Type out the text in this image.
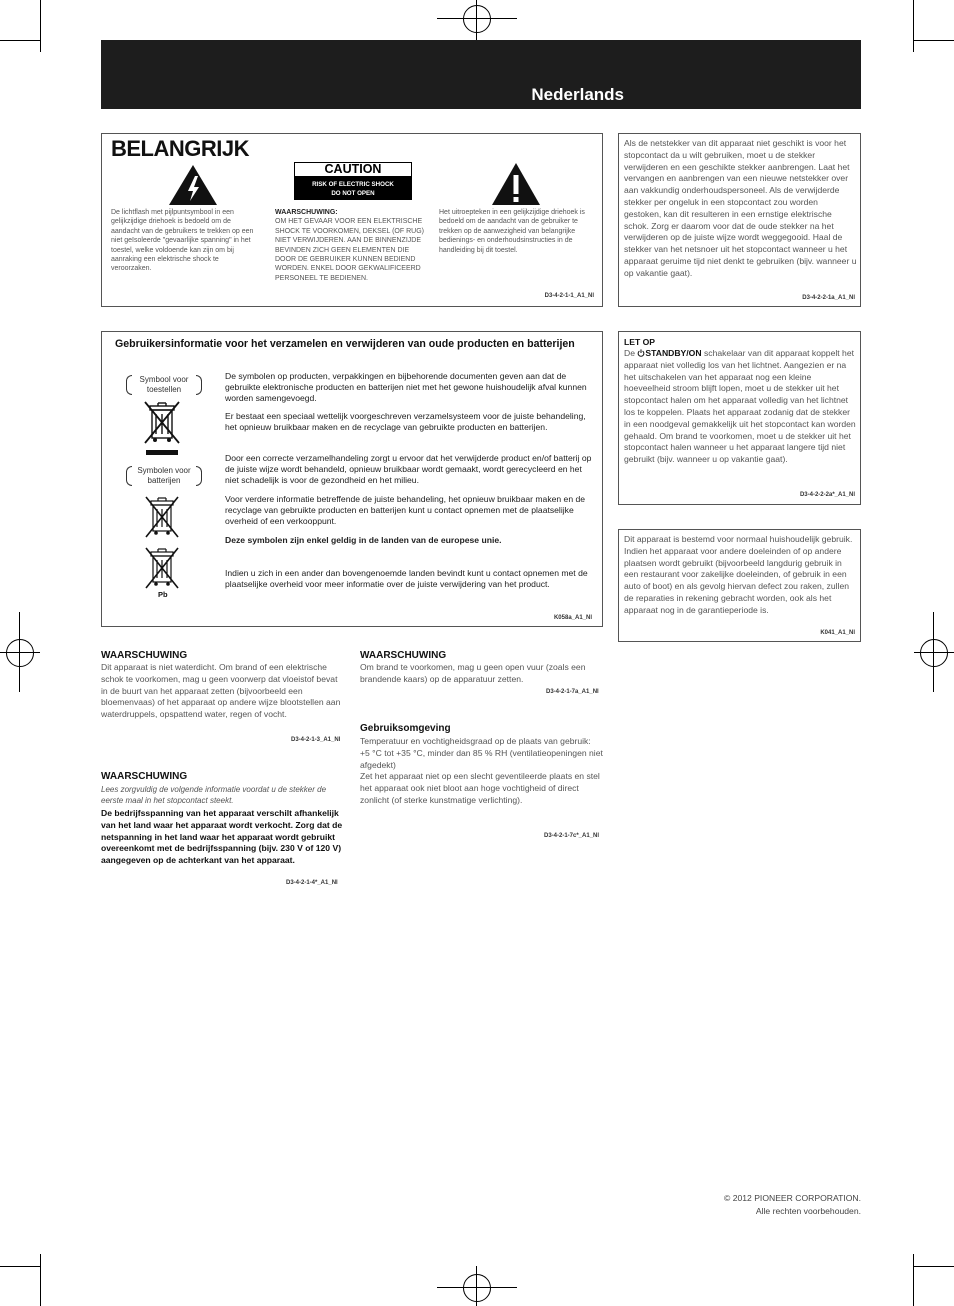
Nederlands
BELANGRIJK
CAUTION
RISK OF ELECTRIC SHOCK
DO NOT OPEN
De lichtflash met pijlpuntsymbool in een gelijkzijdige driehoek is bedoeld om de aandacht van de gebruikers te trekken op een niet geïsoleerde "gevaarlijke spanning" in het toestel, welke voldoende kan zijn om bij aanraking een elektrische shock te veroorzaken.
WAARSCHUWING:
OM HET GEVAAR VOOR EEN ELEKTRISCHE SHOCK TE VOORKOMEN, DEKSEL (OF RUG) NIET VERWIJDEREN. AAN DE BINNENZIJDE BEVINDEN ZICH GEEN ELEMENTEN DIE DOOR DE GEBRUIKER KUNNEN BEDIEND WORDEN. ENKEL DOOR GEKWALIFICEERD PERSONEEL TE BEDIENEN.
Het uitroepteken in een gelijkzijdige driehoek is bedoeld om de aandacht van de gebruiker te trekken op de aanwezigheid van belangrijke bedienings- en onderhoudsinstructies in de handleiding bij dit toestel.
D3-4-2-1-1_A1_Nl
Als de netstekker van dit apparaat niet geschikt is voor het stopcontact da u wilt gebruiken, moet u de stekker verwijderen en een geschikte stekker aanbrengen. Laat het vervangen en aanbrengen van een nieuwe netstekker over aan vakkundig onderhoudspersoneel. Als de verwijderde stekker per ongeluk in een stopcontact zou worden gestoken, kan dit resulteren in een ernstige elektrische schok. Zorg er daarom voor dat de oude stekker na het verwijderen op de juiste wijze wordt weggegooid. Haal de stekker van het netsnoer uit het stopcontact wanneer u het apparaat geruime tijd niet denkt te gebruiken (bijv. wanneer u op vakantie gaat).
D3-4-2-2-1a_A1_Nl
Gebruikersinformatie voor het verzamelen en verwijderen van oude producten en batterijen
Symbool voor toestellen
Symbolen voor batterijen
Pb
De symbolen op producten, verpakkingen en bijbehorende documenten geven aan dat de gebruikte elektronische producten en batterijen niet met het gewone huishoudelijk afval kunnen worden samengevoegd.
Er bestaat een speciaal wettelijk voorgeschreven verzamelsysteem voor de juiste behandeling, het opnieuw bruikbaar maken en de recyclage van gebruikte producten en batterijen.
Door een correcte verzamelhandeling zorgt u ervoor dat het verwijderde product en/of batterij op de juiste wijze wordt behandeld, opnieuw bruikbaar wordt gemaakt, wordt gerecycleerd en het niet schadelijk is voor de gezondheid en het milieu.
Voor verdere informatie betreffende de juiste behandeling, het opnieuw bruikbaar maken en de recyclage van gebruikte producten en batterijen kunt u contact opnemen met de plaatselijke overheid of een verkooppunt.
Deze symbolen zijn enkel geldig in de landen van de europese unie.
Indien u zich in een ander dan bovengenoemde landen bevindt kunt u contact opnemen met de plaatselijke overheid voor meer informatie over de juiste verwijdering van het product.
K058a_A1_Nl
LET OP
De STANDBY/ON schakelaar van dit apparaat koppelt het apparaat niet volledig los van het lichtnet. Aangezien er na het uitschakelen van het apparaat nog een kleine hoeveelheid stroom blijft lopen, moet u de stekker uit het stopcontact halen om het apparaat volledig van het lichtnet los te koppelen. Plaats het apparaat zodanig dat de stekker in een noodgeval gemakkelijk uit het stopcontact kan worden gehaald. Om brand te voorkomen, moet u de stekker uit het stopcontact halen wanneer u het apparaat langere tijd niet gebruikt (bijv. wanneer u op vakantie gaat).
D3-4-2-2-2a*_A1_Nl
Dit apparaat is bestemd voor normaal huishoudelijk gebruik. Indien het apparaat voor andere doeleinden of op andere plaatsen wordt gebruikt (bijvoorbeeld langdurig gebruik in een restaurant voor zakelijke doeleinden, of gebruik in een auto of boot) en als gevolg hiervan defect zou raken, zullen de reparaties in rekening gebracht worden, ook als het apparaat nog in de garantieperiode is.
K041_A1_Nl
WAARSCHUWING
Dit apparaat is niet waterdicht. Om brand of een elektrische schok te voorkomen, mag u geen voorwerp dat vloeistof bevat in de buurt van het apparaat zetten (bijvoorbeeld een bloemenvaas) of het apparaat op andere wijze blootstellen aan waterdruppels, opspattend water, regen of vocht.
D3-4-2-1-3_A1_Nl
WAARSCHUWING
Lees zorgvuldig de volgende informatie voordat u de stekker de eerste maal in het stopcontact steekt.
De bedrijfsspanning van het apparaat verschilt afhankelijk van het land waar het apparaat wordt verkocht. Zorg dat de netspanning in het land waar het apparaat wordt gebruikt overeenkomt met de bedrijfsspanning (bijv. 230 V of 120 V) aangegeven op de achterkant van het apparaat.
D3-4-2-1-4*_A1_Nl
WAARSCHUWING
Om brand te voorkomen, mag u geen open vuur (zoals een brandende kaars) op de apparatuur zetten.
D3-4-2-1-7a_A1_Nl
Gebruiksomgeving
Temperatuur en vochtigheidsgraad op de plaats van gebruik:
+5 °C tot +35 °C, minder dan 85 % RH (ventilatieopeningen niet afgedekt)
Zet het apparaat niet op een slecht geventileerde plaats en stel het apparaat ook niet bloot aan hoge vochtigheid of direct zonlicht (of sterke kunstmatige verlichting).
D3-4-2-1-7c*_A1_Nl
© 2012 PIONEER CORPORATION.
Alle rechten voorbehouden.
